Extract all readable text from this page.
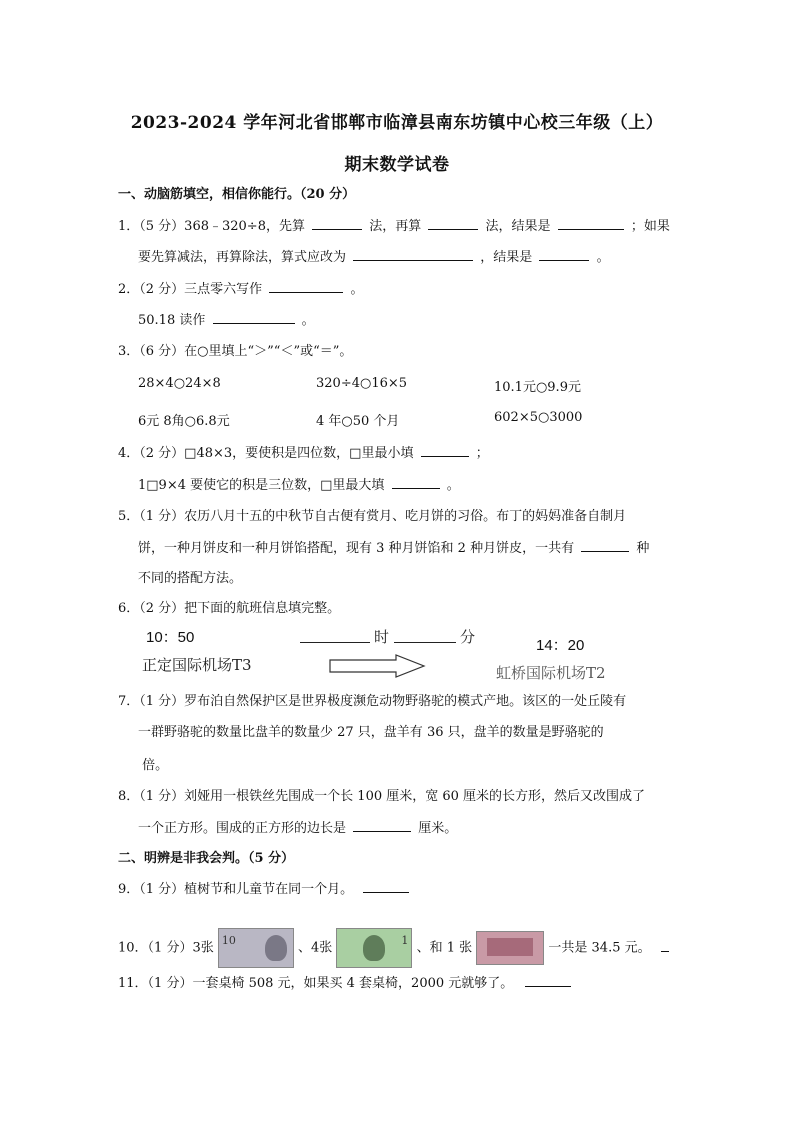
2023-2024 学年河北省邯郸市临漳县南东坊镇中心校三年级（上）
期末数学试卷
一、动脑筋填空，相信你能行。（20 分）
1．（5 分）368﹣320÷8，先算	法，再算	法，结果是	；如果
要先算减法，再算除法，算式应改为	，结果是	。
2．（2 分）三点零六写作	。
50.18 读作	。
3．（6 分）在○里填上“＞”“＜”或“＝”。
28×4○24×8	320÷4○16×5	10.1元○9.9元
6元 8角○6.8元	4 年○50 个月	602×5○3000
4．（2 分）□48×3，要使积是四位数，□里最小填	；
1□9×4 要使它的积是三位数，□里最大填	。
5．（1 分）农历八月十五的中秋节自古便有赏月、吃月饼的习俗。布丁的妈妈准备自制月
饼，一种月饼皮和一种月饼馅搭配，现有 3 种月饼馅和 2 种月饼皮，一共有	种
不同的搭配方法。
6．（2 分）把下面的航班信息填完整。
10：50
正定国际机场T3
时	分	14：20
虹桥国际机场T2
7．（1 分）罗布泊自然保护区是世界极度濒危动物野骆驼的模式产地。该区的一处丘陵有
一群野骆驼的数量比盘羊的数量少 27 只，盘羊有 36 只，盘羊的数量是野骆驼的
倍。
8．（1 分）刘娅用一根铁丝先围成一个长 100 厘米，宽 60 厘米的长方形，然后又改围成了
一个正方形。围成的正方形的边长是	厘米。
二、明辨是非我会判。（5 分）
9．（1 分）植树节和儿童节在同一个月。
10．（1 分）3张 10	、4张	1 、和 1 张	一共是 34.5 元。
11．（1 分）一套桌椅 508 元，如果买 4 套桌椅，2000 元就够了。
